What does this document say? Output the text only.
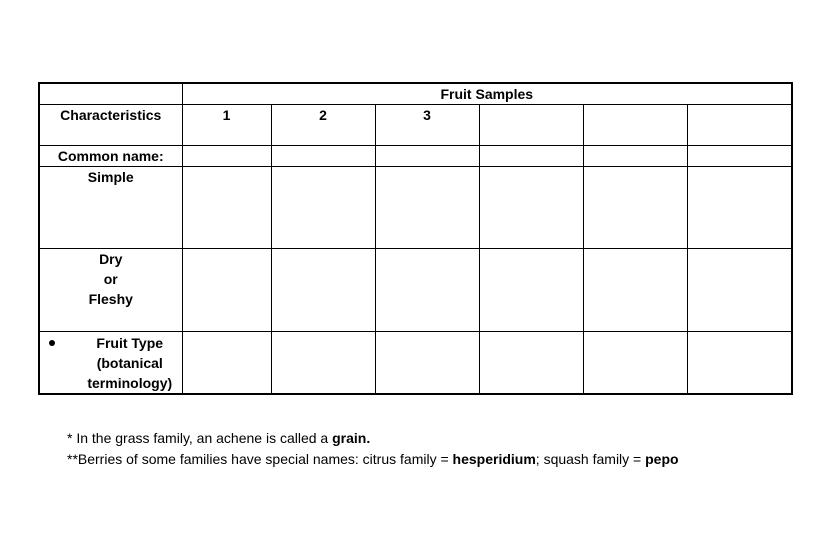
	Fruit Samples					
Characteristics	1	2	3			
Common name:						
Simple						

Dry
or
Fleshy						

Fruit Type
(botanical
terminology)						

* In the grass family, an achene is called a grain.
**Berries of some families have special names: citrus family = hesperidium; squash family = pepo
